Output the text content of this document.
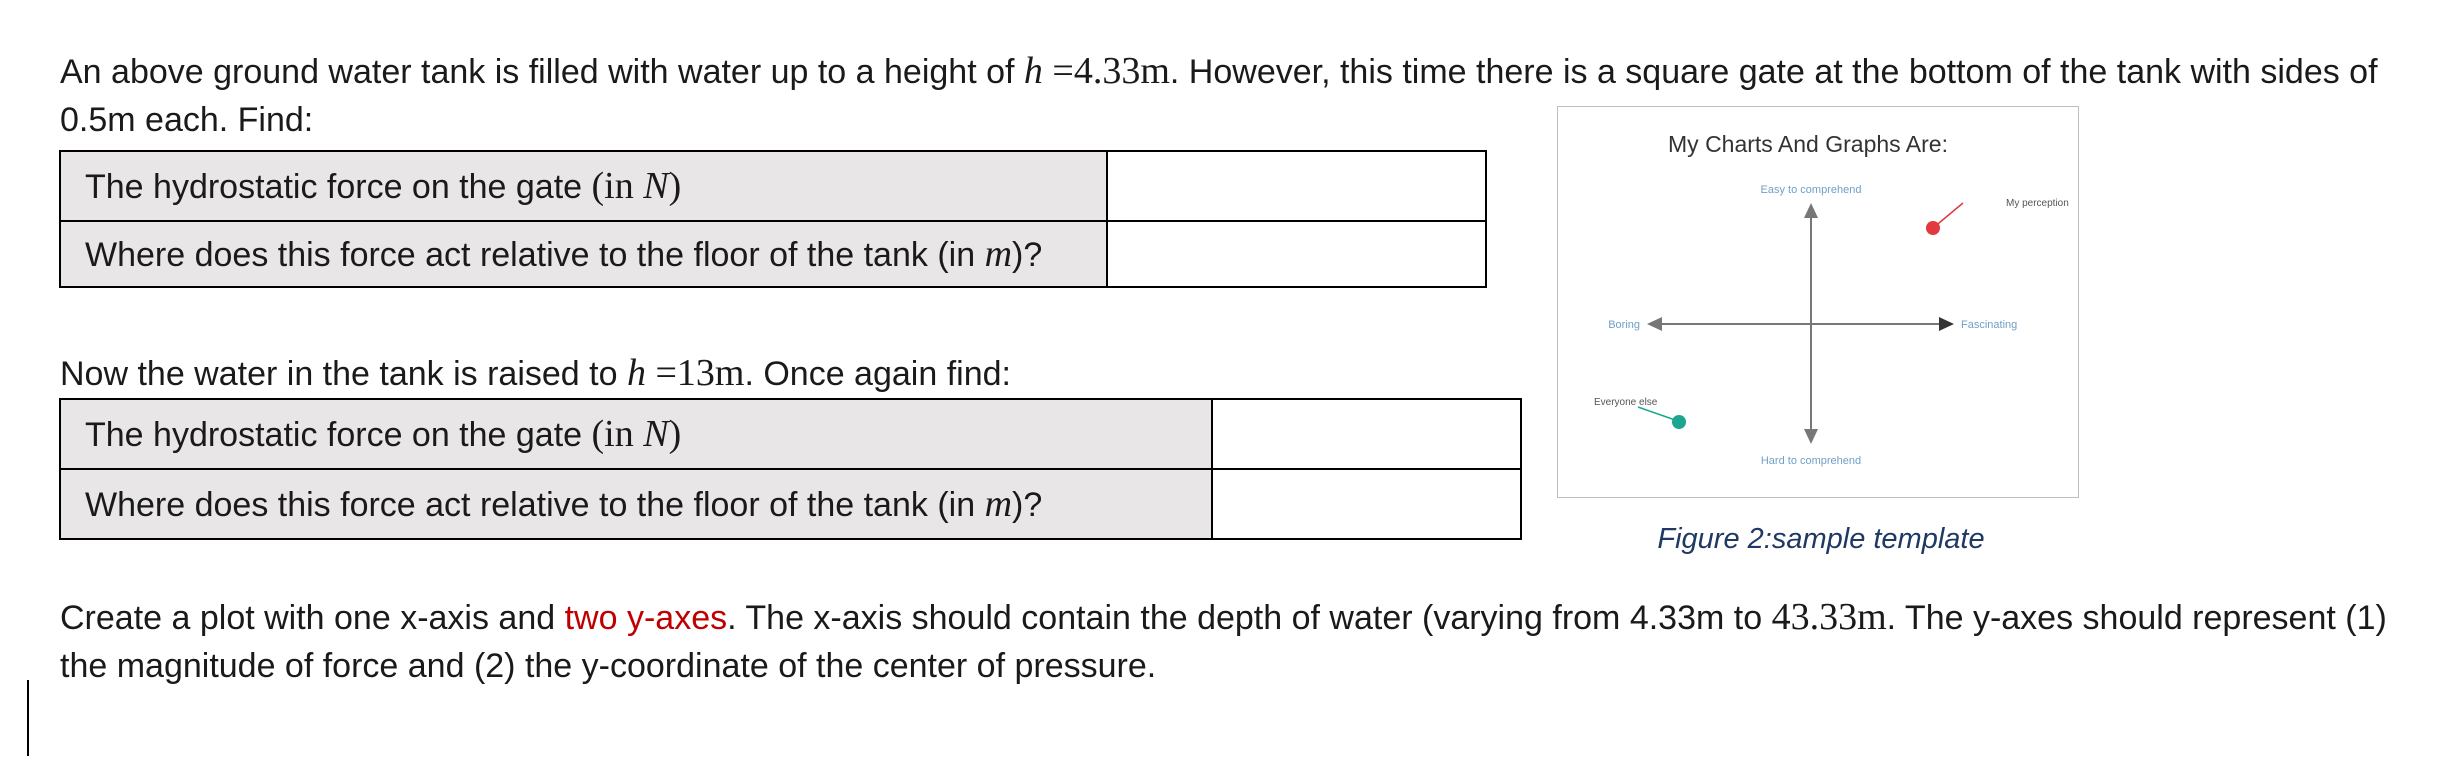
An above ground water tank is filled with water up to a height of h =4.33m. However, this time there is a square gate at the bottom of the tank with sides of 0.5m each. Find:

The hydrostatic force on the gate (in N)	
Where does this force act relative to the floor of the tank (in m)?	

Now the water in the tank is raised to h =13m. Once again find:

The hydrostatic force on the gate (in N)	
Where does this force act relative to the floor of the tank (in m)?	
My Charts And Graphs Are:
Easy to comprehend
Hard to comprehend
Boring	Fascinating
My perception
Everyone else
Figure 2:sample template

Create a plot with one x-axis and two y-axes. The x-axis should contain the depth of water (varying from 4.33m to 43.33m. The y-axes should represent (1) the magnitude of force and (2) the y-coordinate of the center of pressure.
